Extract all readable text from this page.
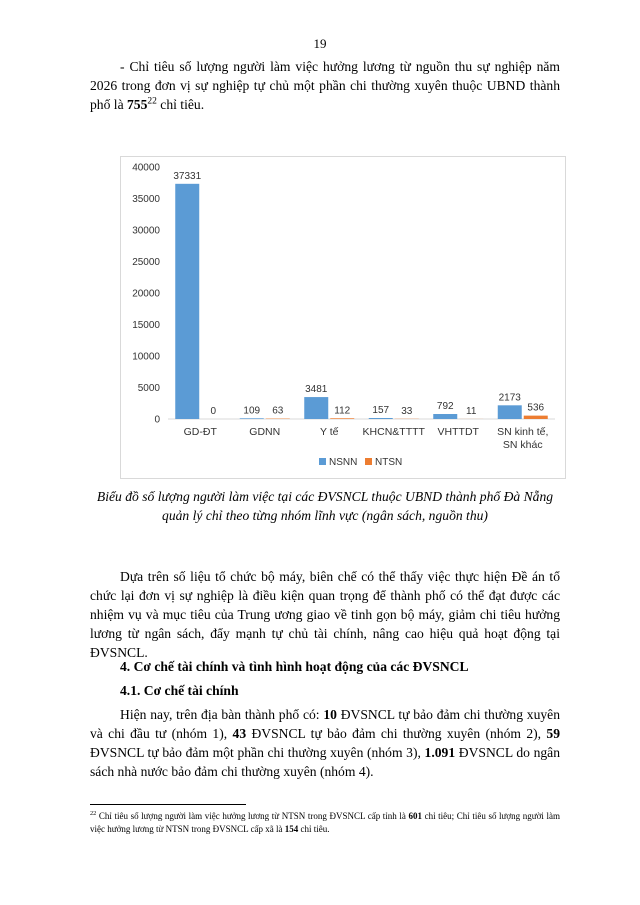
19

- Chỉ tiêu số lượng người làm việc hưởng lương từ nguồn thu sự nghiệp năm 2026 trong đơn vị sự nghiệp tự chủ một phần chi thường xuyên thuộc UBND thành phố là $755^{22}$ chỉ tiêu.

0
5000
10000
15000
20000
25000
30000
35000
40000
37331
0
GD-ĐT
109 63
GDNN
3481
112
Y tế
157 33
KHCN&TTTT
792 11
VHTTDT
2173
536
SN kinh tế, SN khác
NSNN NTSN

Biểu đồ số lượng người làm việc tại các ĐVSNCL thuộc UBND thành phố Đà Nẵng quản lý chỉ theo từng nhóm lĩnh vực (ngân sách, nguồn thu)

Dựa trên số liệu tổ chức bộ máy, biên chế có thể thấy việc thực hiện Đề án tổ chức lại đơn vị sự nghiệp là điều kiện quan trọng để thành phố có thể đạt được các nhiệm vụ và mục tiêu của Trung ương giao về tinh gọn bộ máy, giảm chi tiêu hưởng lương từ ngân sách, đẩy mạnh tự chủ tài chính, nâng cao hiệu quả hoạt động tại ĐVSNCL.

4. Cơ chế tài chính và tình hình hoạt động của các ĐVSNCL
4.1. Cơ chế tài chính

Hiện nay, trên địa bàn thành phố có: 10 ĐVSNCL tự bảo đảm chi thường xuyên và chi đầu tư (nhóm 1), 43 ĐVSNCL tự bảo đảm chi thường xuyên (nhóm 2), 59 ĐVSNCL tự bảo đảm một phần chi thường xuyên (nhóm 3), 1.091 ĐVSNCL do ngân sách nhà nước bảo đảm chi thường xuyên (nhóm 4).

$^{22}$ Chỉ tiêu số lượng người làm việc hưởng lương từ NTSN trong ĐVSNCL cấp tỉnh là 601 chỉ tiêu; Chỉ tiêu số lượng người làm việc hưởng lương từ NTSN trong ĐVSNCL cấp xã là 154 chỉ tiêu.
